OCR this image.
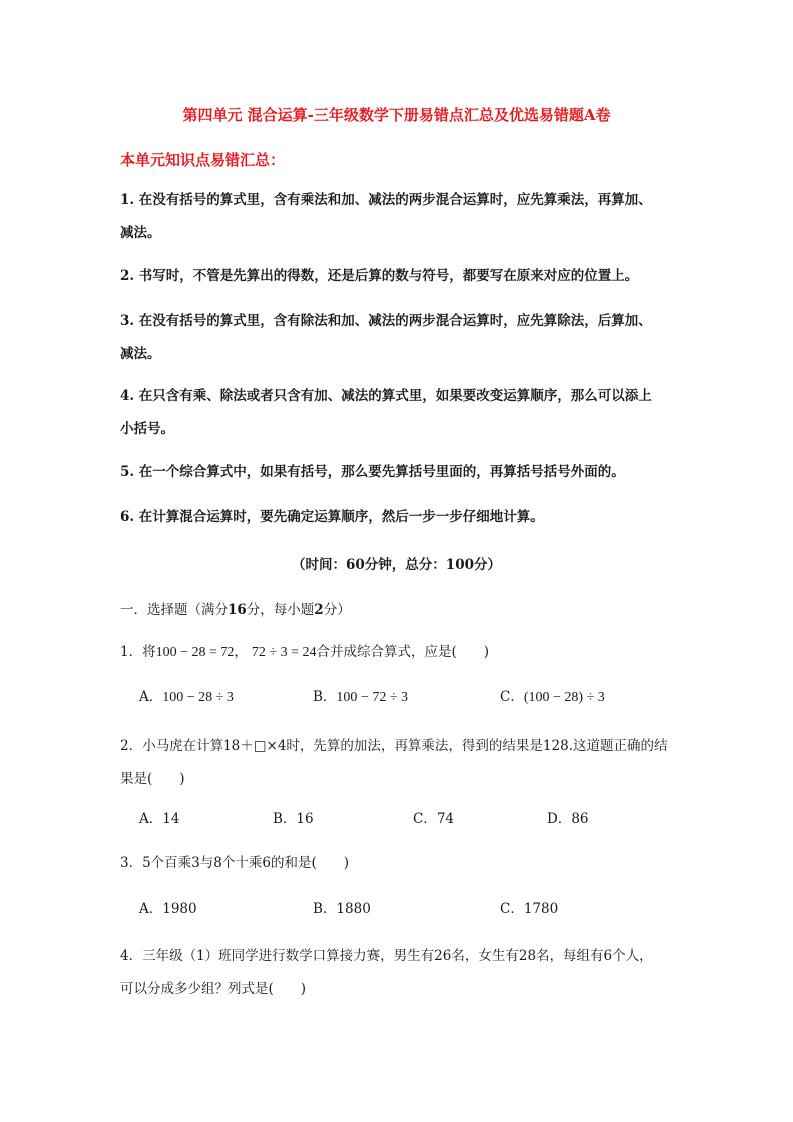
第四单元 混合运算-三年级数学下册易错点汇总及优选易错题A卷
本单元知识点易错汇总：
1. 在没有括号的算式里，含有乘法和加、减法的两步混合运算时，应先算乘法，再算加、
减法。
2. 书写时，不管是先算出的得数，还是后算的数与符号，都要写在原来对应的位置上。
3. 在没有括号的算式里，含有除法和加、减法的两步混合运算时，应先算除法，后算加、
减法。
4. 在只含有乘、除法或者只含有加、减法的算式里，如果要改变运算顺序，那么可以添上
小括号。
5. 在一个综合算式中，如果有括号，那么要先算括号里面的，再算括号括号外面的。
6. 在计算混合运算时，要先确定运算顺序，然后一步一步仔细地计算。
（时间：60分钟，总分：100分）
一．选择题（满分16分，每小题2分）
1．将100 − 28 = 72， 72 ÷ 3 = 24合并成综合算式，应是(　　)
A．100 − 28 ÷ 3	B．100 − 72 ÷ 3	C．(100 − 28) ÷ 3
2．小马虎在计算18＋□×4时，先算的加法，再算乘法，得到的结果是128.这道题正确的结
果是(　　)
A．14	B．16	C．74	D．86
3．5个百乘3与8个十乘6的和是(　　)
A．1980	B．1880	C．1780
4．三年级（1）班同学进行数学口算接力赛，男生有26名，女生有28名，每组有6个人，
可以分成多少组？列式是(　　)
